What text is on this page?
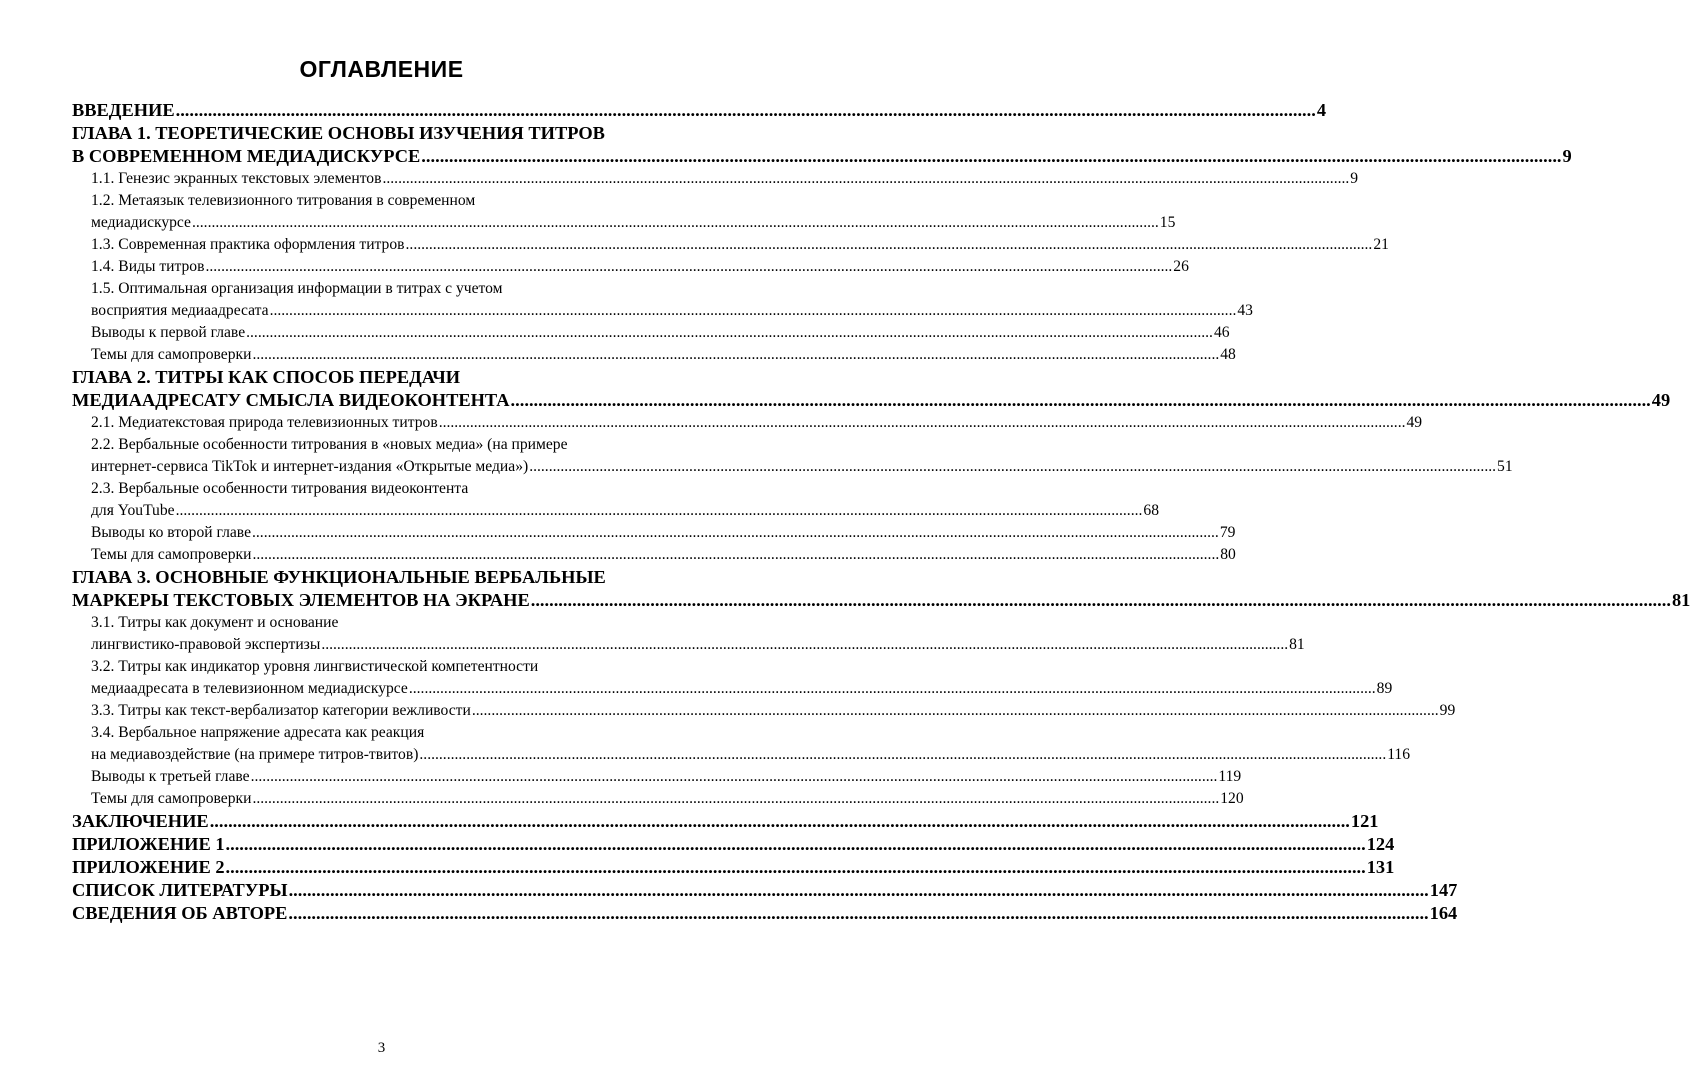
ОГЛАВЛЕНИЕ
ВВЕДЕНИЕ .....	4
ГЛАВА 1. ТЕОРЕТИЧЕСКИЕ ОСНОВЫ ИЗУЧЕНИЯ ТИТРОВ
В СОВРЕМЕННОМ МЕДИАДИСКУРСЕ .....	9
1.1. Генезис экранных текстовых элементов .....	9
1.2. Метаязык телевизионного титрования в современном
медиадискурсе .....	15
1.3. Современная практика оформления титров .....	21
1.4. Виды титров .....	26
1.5. Оптимальная организация информации в титрах с учетом
восприятия медиаадресата .....	43
Выводы к первой главе .....	46
Темы для самопроверки .....	48
ГЛАВА 2. ТИТРЫ КАК СПОСОБ ПЕРЕДАЧИ
МЕДИААДРЕСАТУ СМЫСЛА ВИДЕОКОНТЕНТА .....	49
2.1. Медиатекстовая природа телевизионных титров .....	49
2.2. Вербальные особенности титрования в «новых медиа» (на примере
интернет-сервиса TikTok и интернет-издания «Открытые медиа») .....	51
2.3. Вербальные особенности титрования видеоконтента
для YouTube .....	68
Выводы ко второй главе .....	79
Темы для самопроверки .....	80
ГЛАВА 3. ОСНОВНЫЕ ФУНКЦИОНАЛЬНЫЕ ВЕРБАЛЬНЫЕ
МАРКЕРЫ ТЕКСТОВЫХ ЭЛЕМЕНТОВ НА ЭКРАНЕ .....	81
3.1. Титры как документ и основание
лингвистико-правовой экспертизы .....	81
3.2. Титры как индикатор уровня лингвистической компетентности
медиаадресата в телевизионном медиадискурсе .....	89
3.3. Титры как текст-вербализатор категории вежливости .....	99
3.4. Вербальное напряжение адресата как реакция
на медиавоздействие (на примере титров-твитов) .....	116
Выводы к третьей главе .....	119
Темы для самопроверки .....	120
ЗАКЛЮЧЕНИЕ .....	121
ПРИЛОЖЕНИЕ 1 .....	124
ПРИЛОЖЕНИЕ 2 .....	131
СПИСОК ЛИТЕРАТУРЫ .....	147
СВЕДЕНИЯ ОБ АВТОРЕ .....	164
3
